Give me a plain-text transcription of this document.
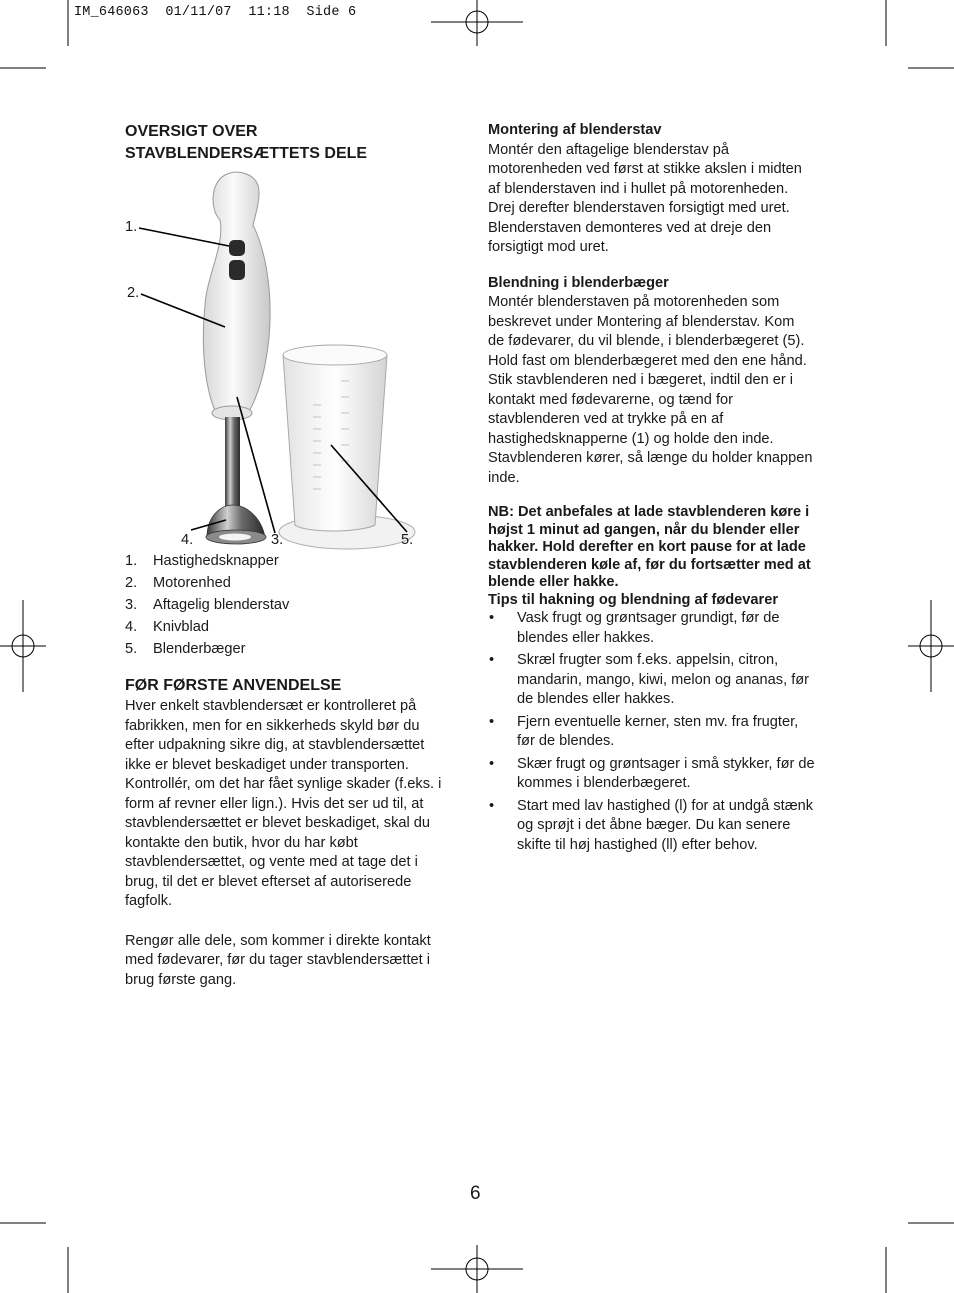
IM_646063  01/11/07  11:18  Side 6
OVERSIGT OVER
STAVBLENDERSÆTTETS DELE
1.
2.
4.	3.	5.
1.	Hastighedsknapper
2.	Motorenhed
3.	Aftagelig blenderstav
4.	Knivblad
5.	Blenderbæger
FØR FØRSTE ANVENDELSE

Hver enkelt stavblendersæt er kontrolleret på
fabrikken, men for en sikkerheds skyld bør du
efter udpakning sikre dig, at stavblendersættet
ikke er blevet beskadiget under transporten.
Kontrollér, om det har fået synlige skader (f.eks. i
form af revner eller lign.). Hvis det ser ud til, at
stavblendersættet er blevet beskadiget, skal du
kontakte den butik, hvor du har købt
stavblendersættet, og vente med at tage det i
brug, til det er blevet efterset af autoriserede
fagfolk.

Rengør alle dele, som kommer i direkte kontakt
med fødevarer, før du tager stavblendersættet i
brug første gang.

Montering af blenderstav

Montér den aftagelige blenderstav på
motorenheden ved først at stikke akslen i midten
af blenderstaven ind i hullet på motorenheden.
Drej derefter blenderstaven forsigtigt med uret.
Blenderstaven demonteres ved at dreje den
forsigtigt mod uret.

Blendning i blenderbæger

Montér blenderstaven på motorenheden som
beskrevet under Montering af blenderstav. Kom
de fødevarer, du vil blende, i blenderbægeret (5).
Hold fast om blenderbægeret med den ene hånd.
Stik stavblenderen ned i bægeret, indtil den er i
kontakt med fødevarerne, og tænd for
stavblenderen ved at trykke på en af
hastighedsknapperne (1) og holde den inde.
Stavblenderen kører, så længe du holder knappen
inde.

NB: Det anbefales at lade stavblenderen køre i
højst 1 minut ad gangen, når du blender eller
hakker. Hold derefter en kort pause for at lade
stavblenderen køle af, før du fortsætter med at
blende eller hakke.

Tips til hakning og blendning af fødevarer

•	Vask frugt og grøntsager grundigt, før de
blendes eller hakkes.
•	Skræl frugter som f.eks. appelsin, citron,
mandarin, mango, kiwi, melon og ananas, før
de blendes eller hakkes.
•	Fjern eventuelle kerner, sten mv. fra frugter,
før de blendes.
•	Skær frugt og grøntsager i små stykker, før de
kommes i blenderbægeret.
•	Start med lav hastighed (l) for at undgå stænk
og sprøjt i det åbne bæger. Du kan senere
skifte til høj hastighed (ll) efter behov.
6
